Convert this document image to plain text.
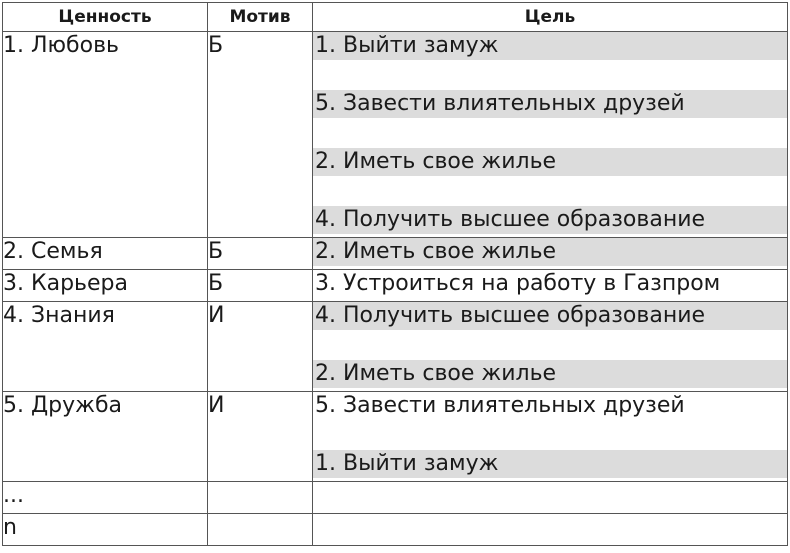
Ценность	Мотив	Цель
1. Любовь	Б	1. Выйти замуж
5. Завести влиятельных друзей
2. Иметь свое жилье
4. Получить высшее образование

2. Семья	Б	2. Иметь свое жилье

3. Карьера	Б	3. Устроиться на работу в Газпром

4. Знания	И	4. Получить высшее образование
2. Иметь свое жилье

5. Дружба	И	5. Завести влиятельных друзей
1. Выйти замуж

...		
n		
